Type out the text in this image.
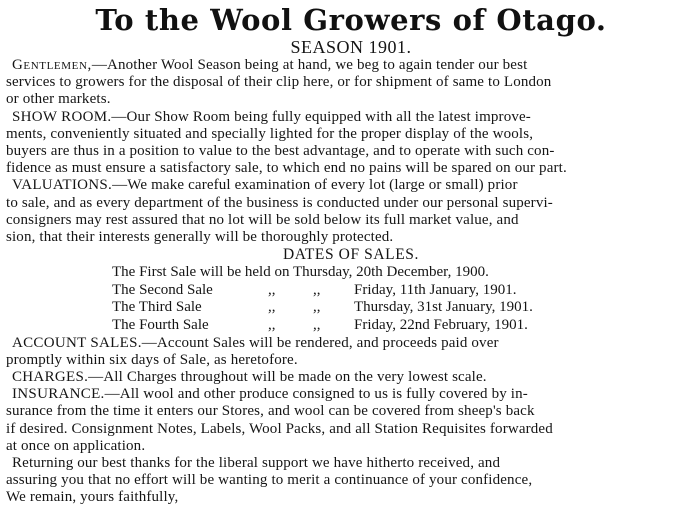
To the Wool Growers of Otago.
SEASON 1901.

Gentlemen,—Another Wool Season being at hand, we beg to again tender our best
services to growers for the disposal of their clip here, or for shipment of same to London
or other markets.

SHOW ROOM.—Our Show Room being fully equipped with all the latest improve-
ments, conveniently situated and specially lighted for the proper display of the wools,
buyers are thus in a position to value to the best advantage, and to operate with such con-
fidence as must ensure a satisfactory sale, to which end no pains will be spared on our part.

VALUATIONS.—We make careful examination of every lot (large or small) prior
to sale, and as every department of the business is conducted under our personal supervi-
consigners may rest assured that no lot will be sold below its full market value, and
sion, that their interests generally will be thoroughly protected.

DATES OF SALES.
The First Sale will be held on Thursday, 20th December, 1900.
The Second Sale	,,	,, Friday, 11th January, 1901.
The Third Sale	,,	,, Thursday, 31st January, 1901.
The Fourth Sale	,,	,, Friday, 22nd February, 1901.

ACCOUNT SALES.—Account Sales will be rendered, and proceeds paid over
promptly within six days of Sale, as heretofore.

CHARGES.—All Charges throughout will be made on the very lowest scale.

INSURANCE.—All wool and other produce consigned to us is fully covered by in-
surance from the time it enters our Stores, and wool can be covered from sheep's back
if desired. Consignment Notes, Labels, Wool Packs, and all Station Requisites forwarded
at once on application.

Returning our best thanks for the liberal support we have hitherto received, and
assuring you that no effort will be wanting to merit a continuance of your confidence,
We remain, yours faithfully,
